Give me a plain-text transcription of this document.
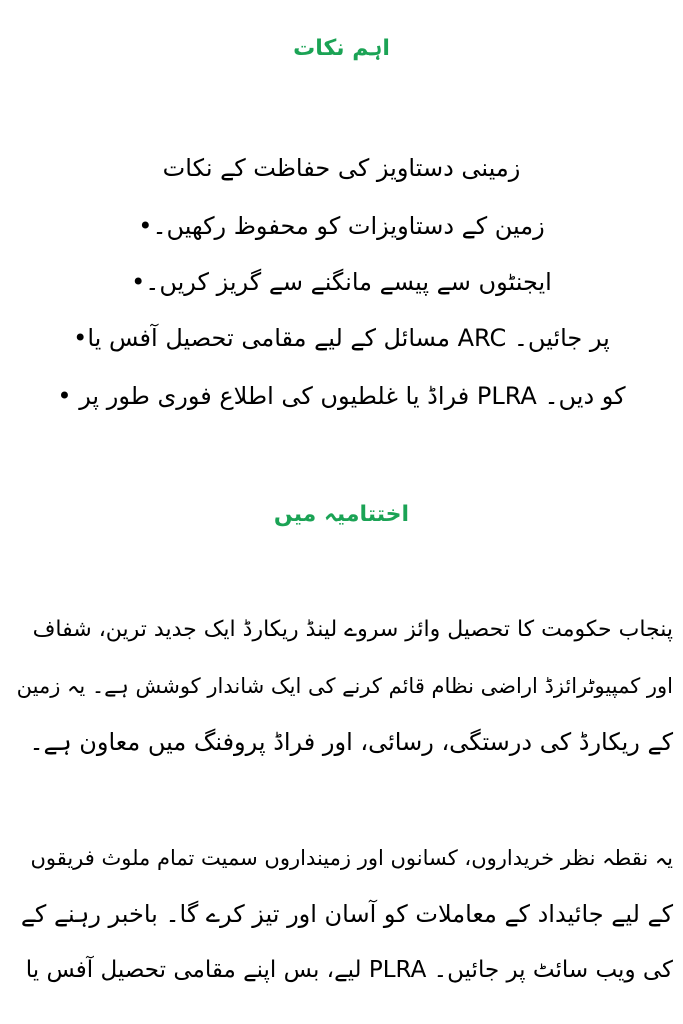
اہم نکات
زمینی دستاویز کی حفاظت کے نکات
زمین کے دستاویزات کو محفوظ رکھیں۔•
ایجنٹوں سے پیسے مانگنے سے گریز کریں۔•
پر جائیں۔ ARC مسائل کے لیے مقامی تحصیل آفس یا•
کو دیں۔ PLRA فراڈ یا غلطیوں کی اطلاع فوری طور پر •
اختتامیہ میں
پنجاب حکومت کا تحصیل وائز سروے لینڈ ریکارڈ ایک جدید ترین، شفاف
اور کمپیوٹرائزڈ اراضی نظام قائم کرنے کی ایک شاندار کوشش ہے۔ یہ زمین
کے ریکارڈ کی درستگی، رسائی، اور فراڈ پروفنگ میں معاون ہے۔
یہ نقطہ نظر خریداروں، کسانوں اور زمینداروں سمیت تمام ملوث فریقوں
کے لیے جائیداد کے معاملات کو آسان اور تیز کرے گا۔ باخبر رہنے کے
کی ویب سائٹ پر جائیں۔ PLRA لیے، بس اپنے مقامی تحصیل آفس یا
